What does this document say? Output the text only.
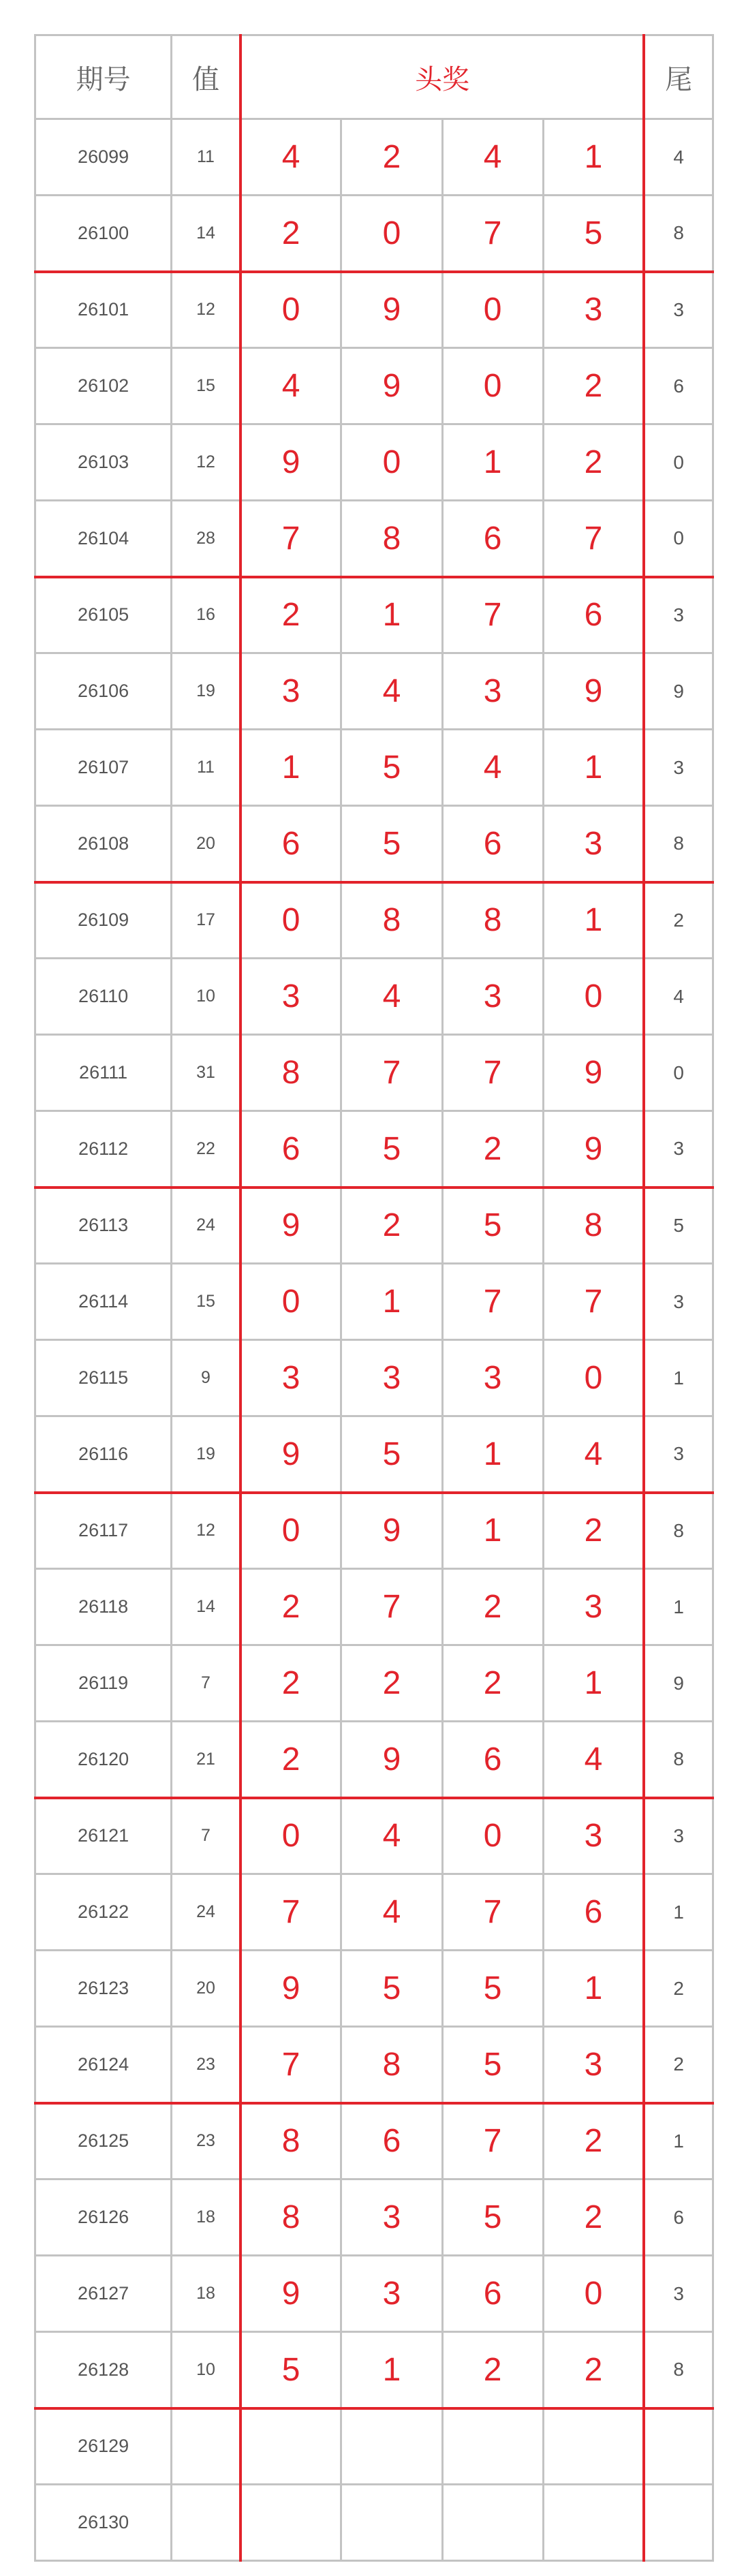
期号	值	头奖				尾
26099	11	4	2	4	1	4
26100	14	2	0	7	5	8
26101	12	0	9	0	3	3
26102	15	4	9	0	2	6
26103	12	9	0	1	2	0
26104	28	7	8	6	7	0
26105	16	2	1	7	6	3
26106	19	3	4	3	9	9
26107	11	1	5	4	1	3
26108	20	6	5	6	3	8
26109	17	0	8	8	1	2
26110	10	3	4	3	0	4
26111	31	8	7	7	9	0
26112	22	6	5	2	9	3
26113	24	9	2	5	8	5
26114	15	0	1	7	7	3
26115	9	3	3	3	0	1
26116	19	9	5	1	4	3
26117	12	0	9	1	2	8
26118	14	2	7	2	3	1
26119	7	2	2	2	1	9
26120	21	2	9	6	4	8
26121	7	0	4	0	3	3
26122	24	7	4	7	6	1
26123	20	9	5	5	1	2
26124	23	7	8	5	3	2
26125	23	8	6	7	2	1
26126	18	8	3	5	2	6
26127	18	9	3	6	0	3
26128	10	5	1	2	2	8
26129						
26130						
